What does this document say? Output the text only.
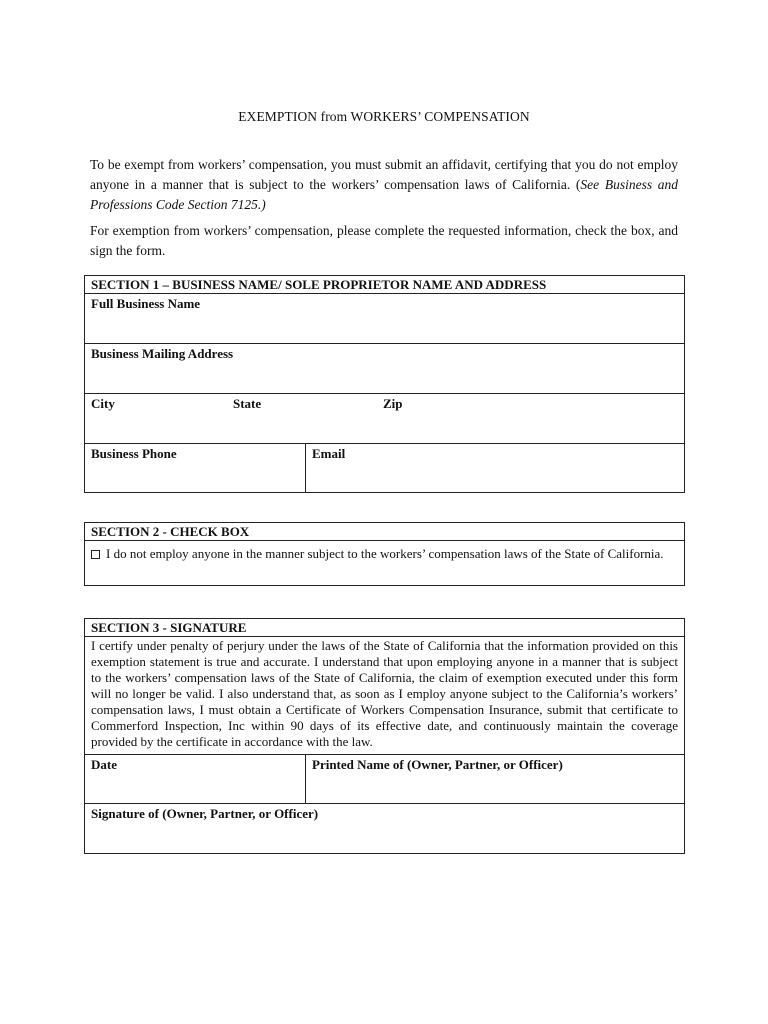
EXEMPTION from WORKERS’ COMPENSATION
To be exempt from workers’ compensation, you must submit an affidavit, certifying that you do not employ anyone in a manner that is subject to the workers’ compensation laws of California. (See Business and Professions Code Section 7125.)
For exemption from workers’ compensation, please complete the requested information, check the box, and sign the form.
SECTION 1 – BUSINESS NAME/ SOLE PROPRIETOR NAME AND ADDRESS
Full Business Name
Business Mailing Address
City	State	Zip
Business Phone	Email
SECTION 2 - CHECK BOX
I do not employ anyone in the manner subject to the workers’ compensation laws of the State of California.
SECTION 3 - SIGNATURE
I certify under penalty of perjury under the laws of the State of California that the information provided on this exemption statement is true and accurate. I understand that upon employing anyone in a manner that is subject to the workers’ compensation laws of the State of California, the claim of exemption executed under this form will no longer be valid. I also understand that, as soon as I employ anyone subject to the California’s workers’ compensation laws, I must obtain a Certificate of Workers Compensation Insurance, submit that certificate to Commerford Inspection, Inc within 90 days of its effective date, and continuously maintain the coverage provided by the certificate in accordance with the law.
Date	Printed Name of (Owner, Partner, or Officer)
Signature of (Owner, Partner, or Officer)
